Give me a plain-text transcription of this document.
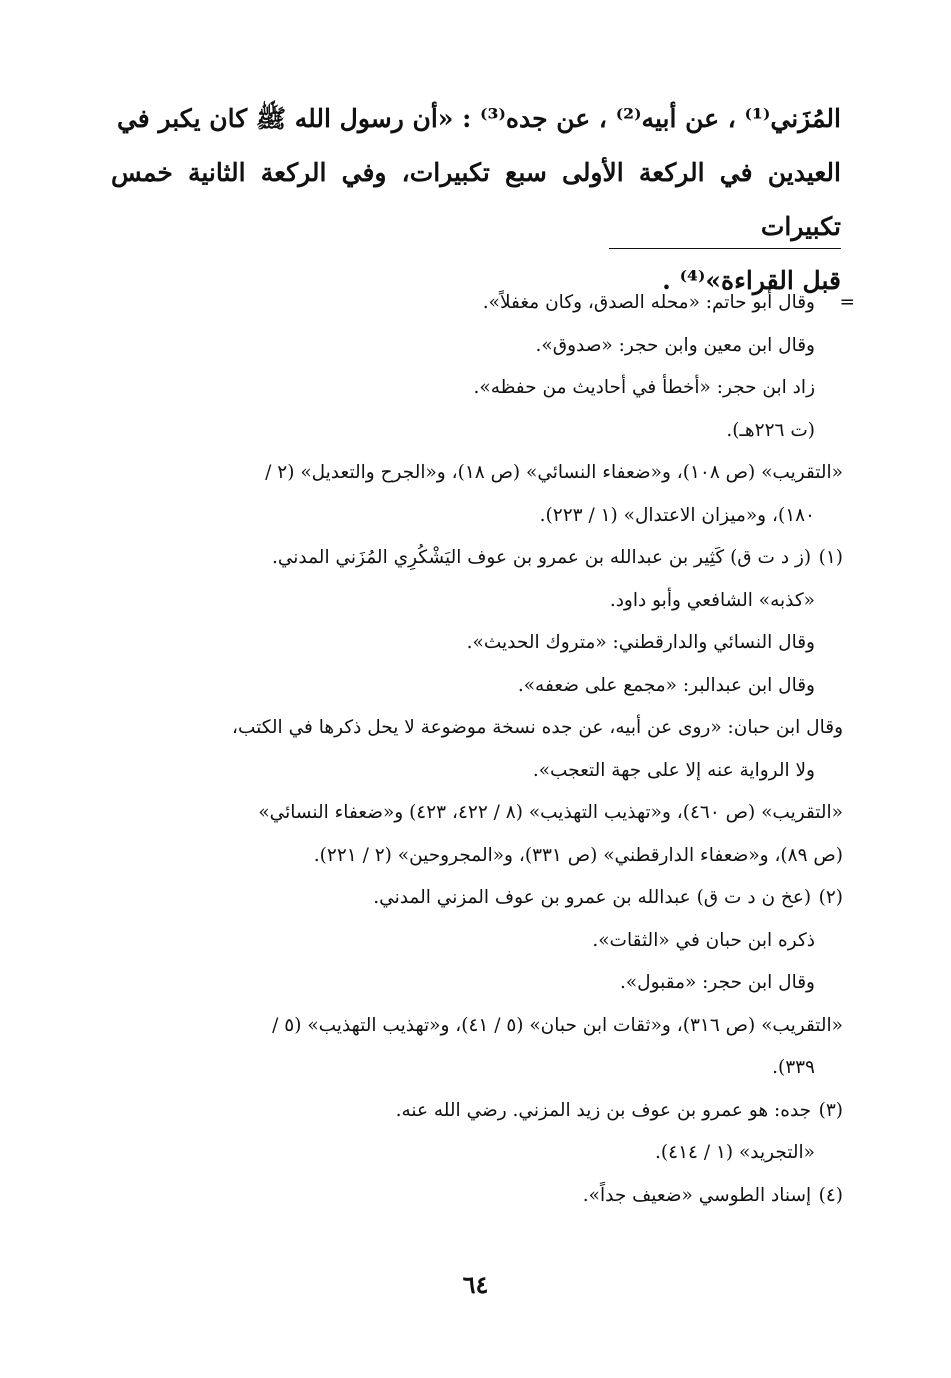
المُزَني⁽¹⁾ ، عن أبيه⁽²⁾ ، عن جده⁽³⁾ : «أن رسول الله ﷺ كان يكبر في

العيدين في الركعة الأولى سبع تكبيرات، وفي الركعة الثانية خمس تكبيرات

قبل القراءة»⁽⁴⁾ .

=
وقال أبو حاتم: «محله الصدق، وكان مغفلاً».
وقال ابن معين وابن حجر: «صدوق».
زاد ابن حجر: «أخطأ في أحاديث من حفظه».
(ت ٢٢٦هـ).
«التقريب» (ص ١٠٨)، و«ضعفاء النسائي» (ص ١٨)، و«الجرح والتعديل» (٢ /
١٨٠)، و«ميزان الاعتدال» (١ / ٢٢٣).
(١) (ز د ت ق) كَثِير بن عبدالله بن عمرو بن عوف اليَشْكُرِي المُزَني المدني.
«كذبه» الشافعي وأبو داود.
وقال النسائي والدارقطني: «متروك الحديث».
وقال ابن عبدالبر: «مجمع على ضعفه».
وقال ابن حبان: «روى عن أبيه، عن جده نسخة موضوعة لا يحل ذكرها في الكتب،
ولا الرواية عنه إلا على جهة التعجب».
«التقريب» (ص ٤٦٠)، و«تهذيب التهذيب» (٨ / ٤٢٢، ٤٢٣) و«ضعفاء النسائي»
(ص ٨٩)، و«ضعفاء الدارقطني» (ص ٣٣١)، و«المجروحين» (٢ / ٢٢١).
(٢) (عخ ن د ت ق) عبدالله بن عمرو بن عوف المزني المدني.
ذكره ابن حبان في «الثقات».
وقال ابن حجر: «مقبول».
«التقريب» (ص ٣١٦)، و«ثقات ابن حبان» (٥ / ٤١)، و«تهذيب التهذيب» (٥ /
٣٣٩).
(٣) جده: هو عمرو بن عوف بن زيد المزني. رضي الله عنه.
«التجريد» (١ / ٤١٤).
(٤) إسناد الطوسي «ضعيف جداً».
٦٤
